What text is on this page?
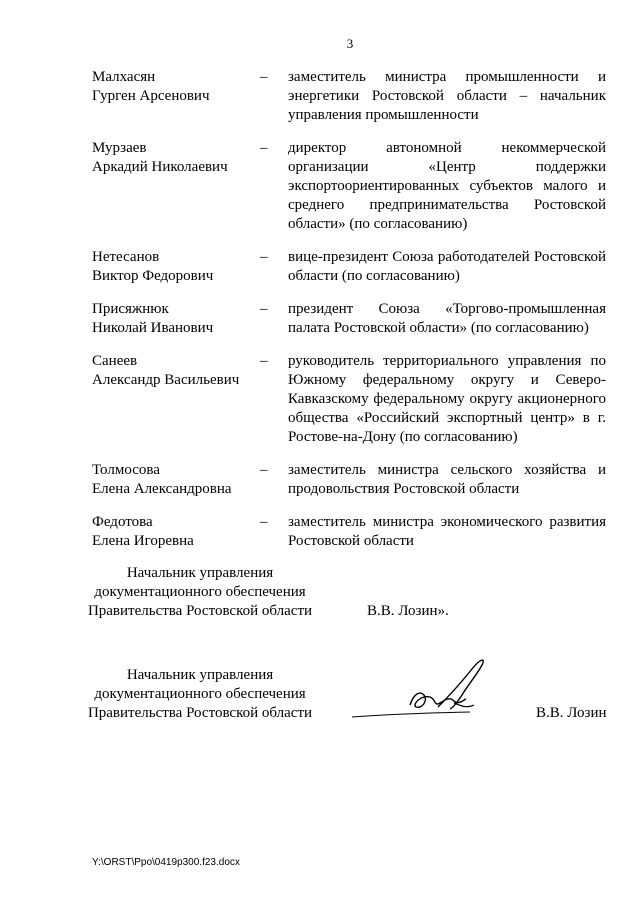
3
Малхасян
Гурген Арсенович
–	заместитель министра промышленности и энергетики Ростовской области – начальник управления промышленности
Мурзаев
Аркадий Николаевич
–	директор автономной некоммерческой организации «Центр поддержки экспортоориентированных субъектов малого и среднего предпринимательства Ростовской области» (по согласованию)
Нетесанов
Виктор Федорович
–	вице-президент Союза работодателей Ростовской области (по согласованию)
Присяжнюк
Николай Иванович
–	президент Союза «Торгово-промышленная палата Ростовской области» (по согласованию)
Санеев
Александр Васильевич
–	руководитель территориального управления по Южному федеральному округу и Северо-Кавказскому федеральному округу акционерного общества «Российский экспортный центр» в г. Ростове-на-Дону (по согласованию)
Толмосова
Елена Александровна
–	заместитель министра сельского хозяйства и продовольствия Ростовской области
Федотова
Елена Игоревна
–	заместитель министра экономического развития Ростовской области
Начальник управления
документационного обеспечения
Правительства Ростовской области	В.В. Лозин».
Начальник управления
документационного обеспечения
Правительства Ростовской области	В.В. Лозин
Y:\ORST\Ppo\0419p300.f23.docx
